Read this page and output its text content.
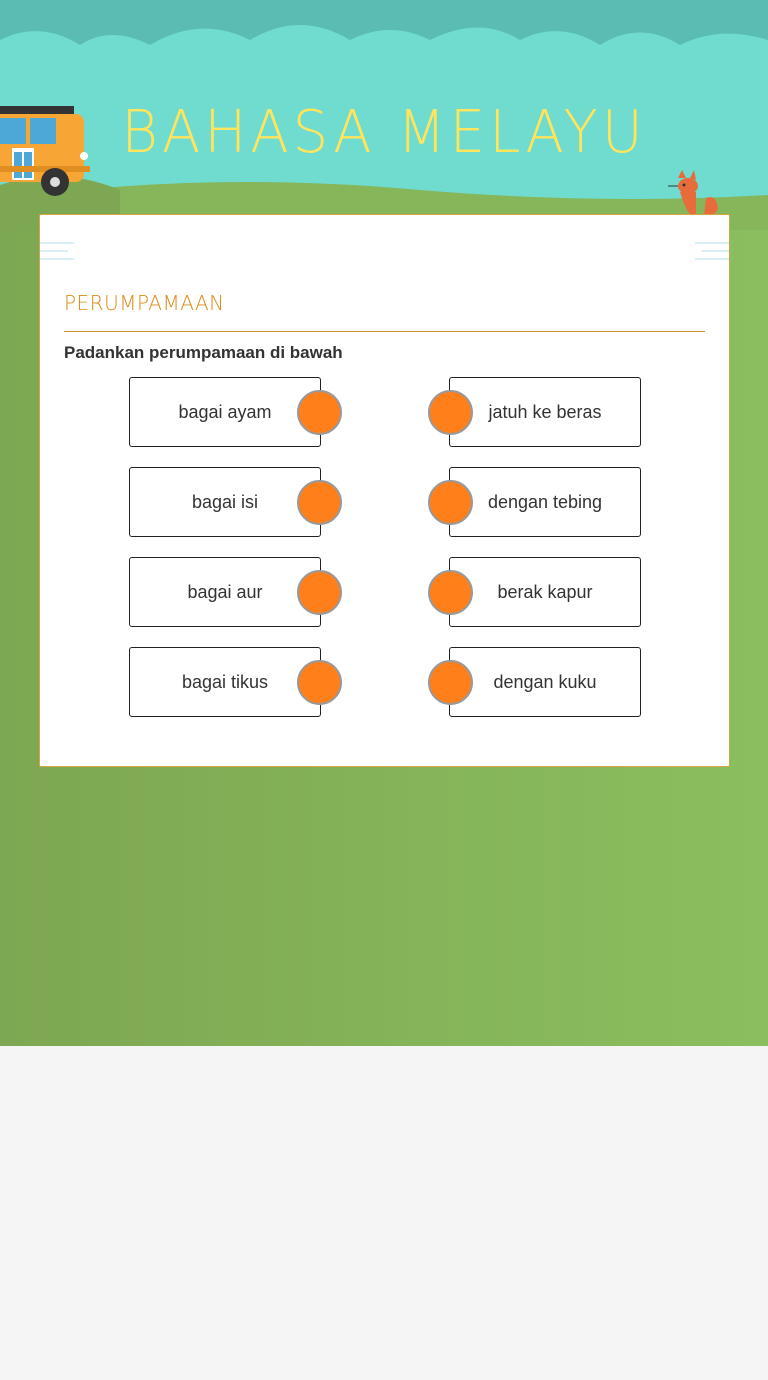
BAHASA MELAYU
PERUMPAMAAN
Padankan perumpamaan di bawah
bagai ayam
bagai isi
bagai aur
bagai tikus
jatuh ke beras
dengan tebing
berak kapur
dengan kuku
